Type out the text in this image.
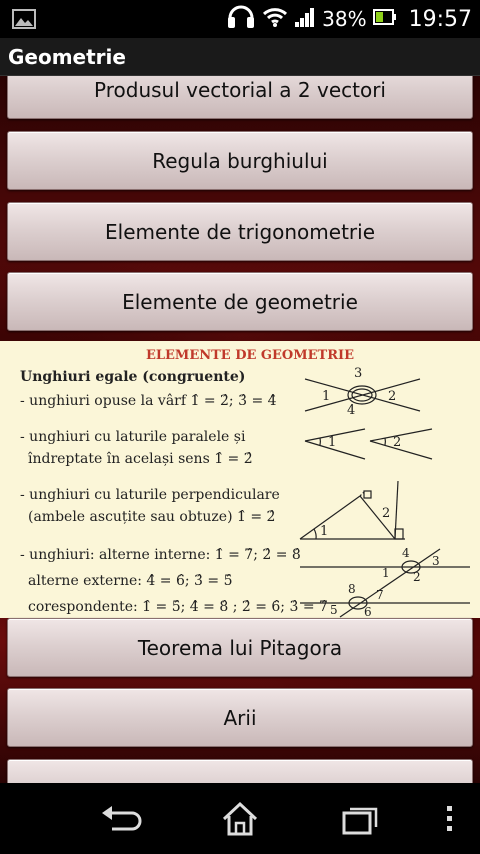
38% 19:57
Geometrie
Produsul vectorial a 2 vectori
Regula burghiului
Elemente de trigonometrie
Elemente de geometrie
ELEMENTE DE GEOMETRIE
Unghiuri egale (congruente)
- unghiuri opuse la vârf 1̂ = 2̂; 3̂ = 4̂
- unghiuri cu laturile paralele și
îndreptate în același sens 1̂ = 2̂
- unghiuri cu laturile perpendiculare
(ambele ascuțite sau obtuze) 1̂ = 2̂
- unghiuri: alterne interne: 1̂ = 7̂; 2̂ = 8̂
alterne externe: 4̂ = 6̂; 3̂ = 5̂
corespondente: 1̂ = 5̂; 4̂ = 8̂ ; 2̂ = 6̂; 3̂ = 7̂
3
1	2
4
1	2
1
2
4
3
1 2
8 7
5 6
Teorema lui Pitagora
Arii
